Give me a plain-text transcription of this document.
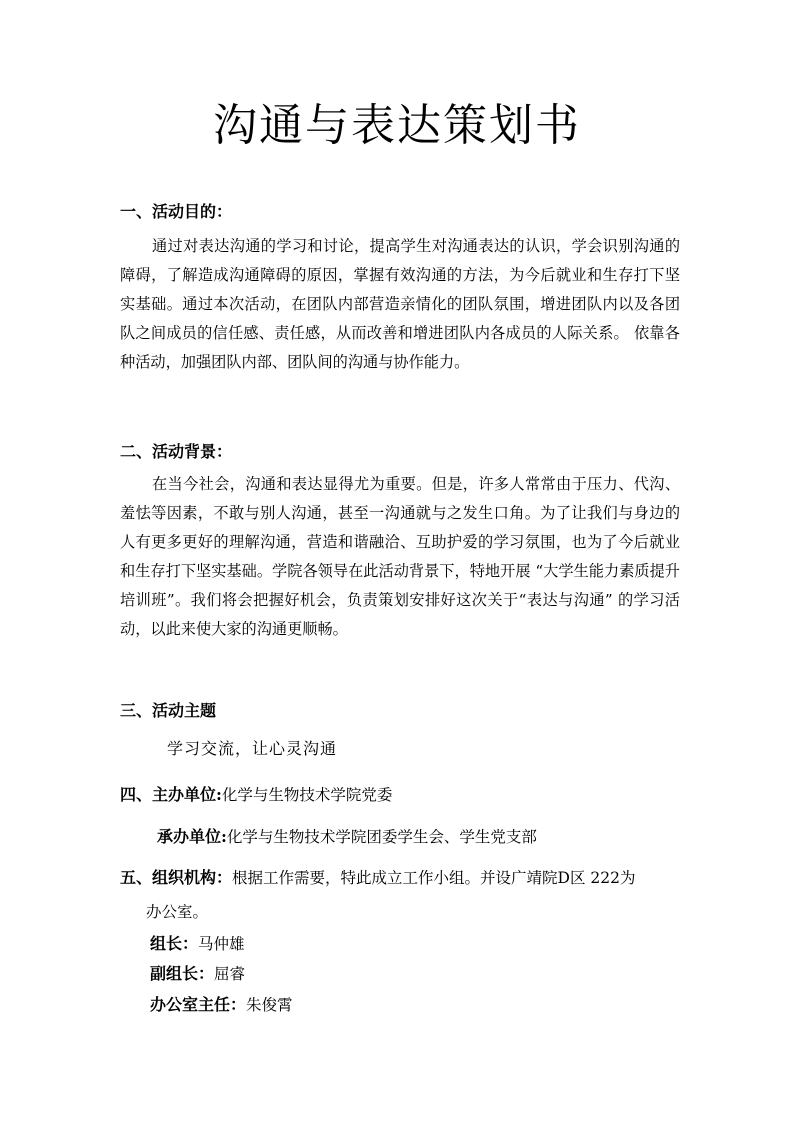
沟通与表达策划书
一、活动目的：

通过对表达沟通的学习和讨论，提高学生对沟通表达的认识，学会识别沟通的障碍，了解造成沟通障碍的原因，掌握有效沟通的方法，为今后就业和生存打下坚实基础。通过本次活动，在团队内部营造亲情化的团队氛围，增进团队内以及各团队之间成员的信任感、责任感，从而改善和增进团队内各成员的人际关系。 依靠各种活动，加强团队内部、团队间的沟通与协作能力。

二、活动背景：

在当今社会，沟通和表达显得尤为重要。但是，许多人常常由于压力、代沟、羞怯等因素，不敢与别人沟通，甚至一沟通就与之发生口角。为了让我们与身边的人有更多更好的理解沟通，营造和谐融洽、互助护爱的学习氛围，也为了今后就业和生存打下坚实基础。学院各领导在此活动背景下，特地开展 “大学生能力素质提升培训班”。我们将会把握好机会，负责策划安排好这次关于“表达与沟通” 的学习活动，以此来使大家的沟通更顺畅。

三、活动主题
学习交流，让心灵沟通
四、主办单位:化学与生物技术学院党委
承办单位:化学与生物技术学院团委学生会、学生党支部
五、组织机构：根据工作需要，特此成立工作小组。并设广靖院D区 222为
办公室。
组长：马仲雄
副组长：屈睿
办公室主任：朱俊霄
